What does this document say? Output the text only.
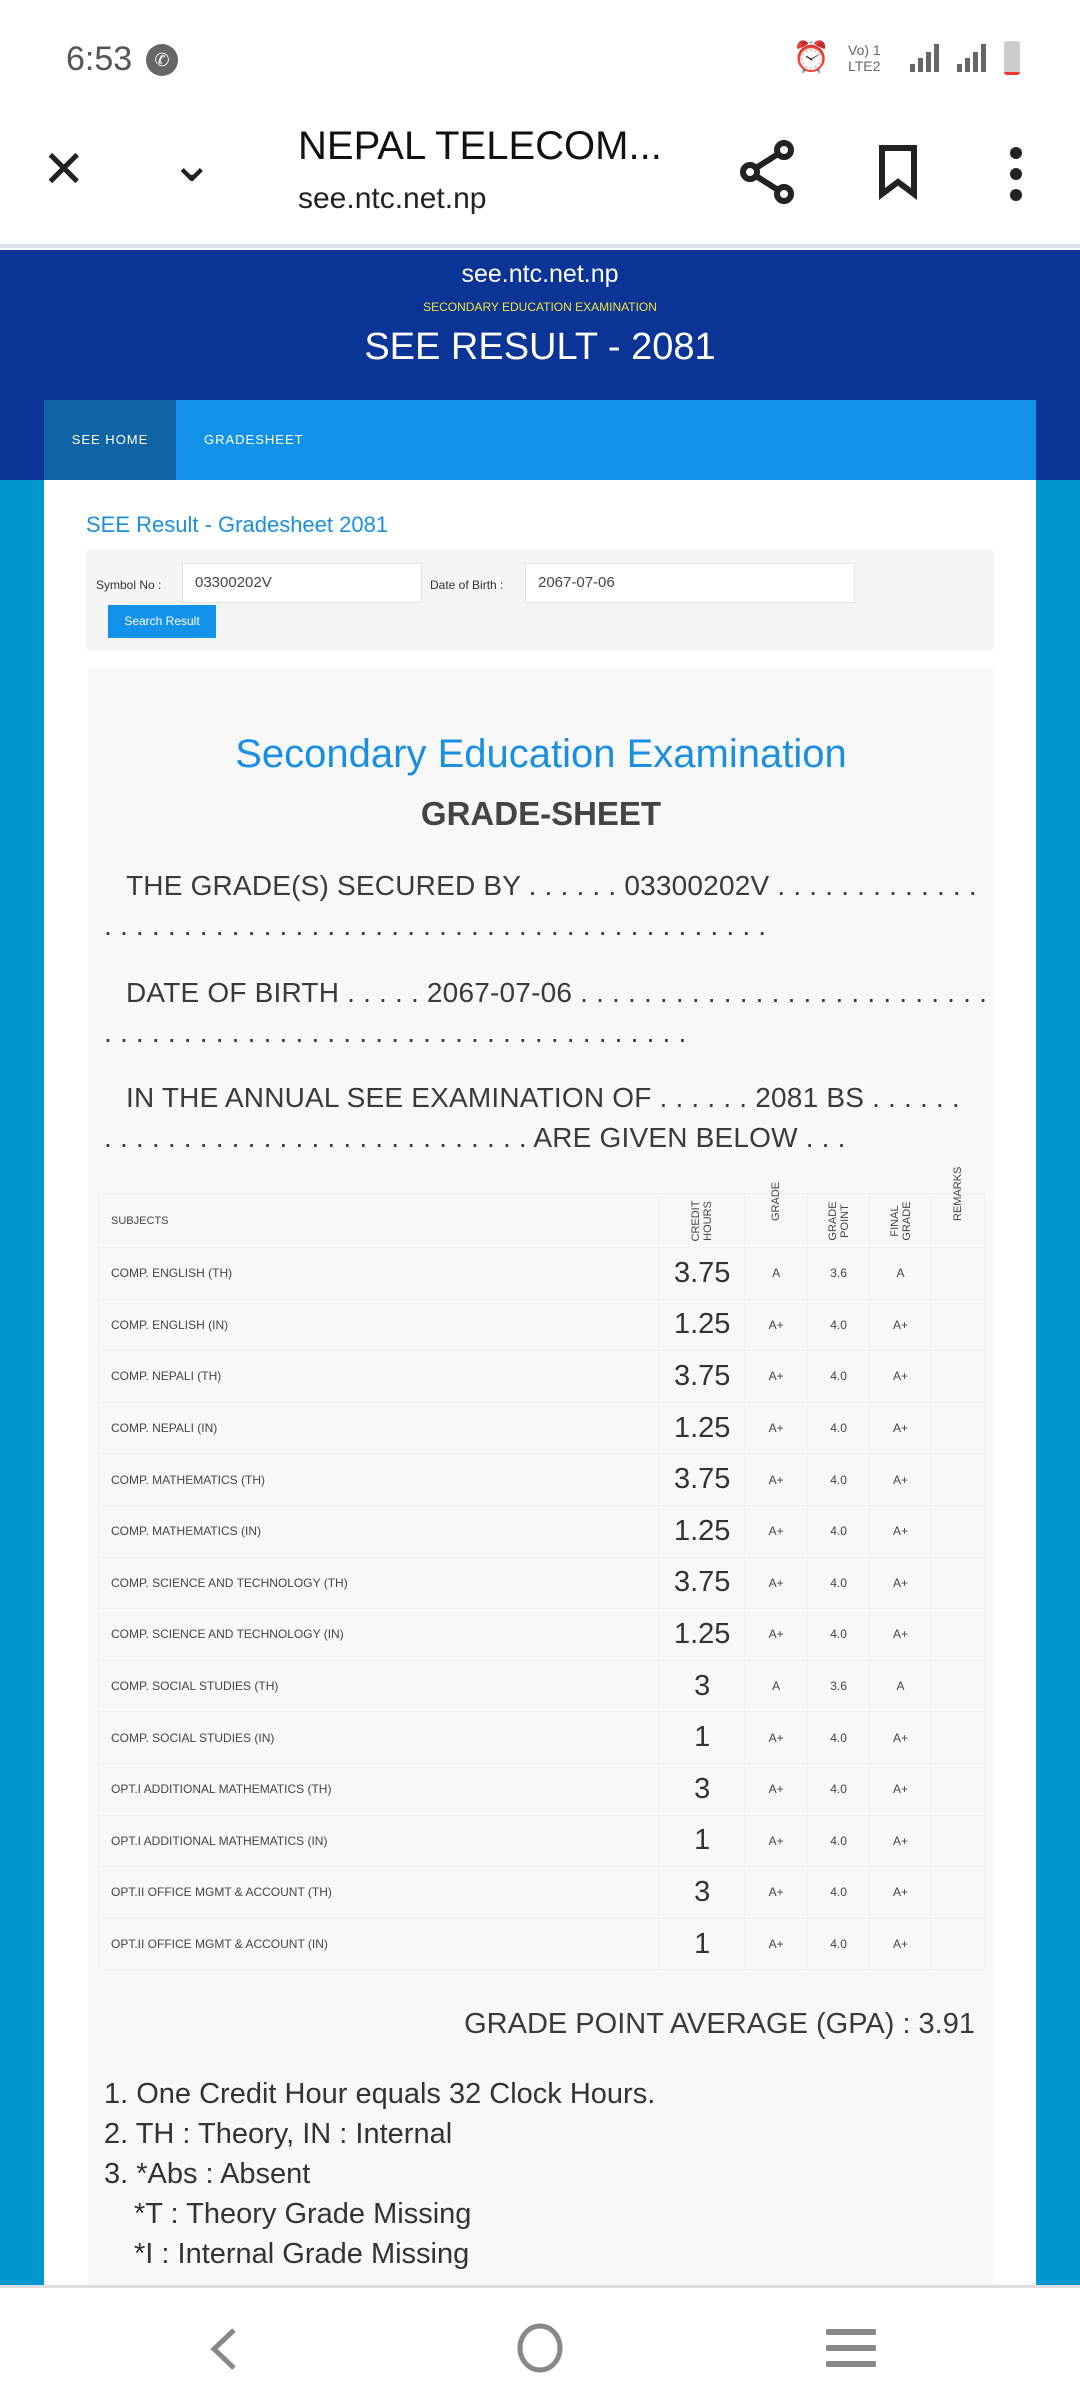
6:53	✆	⏰ Vo) 1 LTE2
✕ ⌄ NEPAL TELECOM...
see.ntc.net.np
see.ntc.net.np
SECONDARY EDUCATION EXAMINATION
SEE RESULT - 2081
SEE HOME	GRADESHEET
SEE Result - Gradesheet 2081
Symbol No :	03300202V	Date of Birth :	2067-07-06
Search Result
Secondary Education Examination
GRADE-SHEET
THE GRADE(S) SECURED BY . . . . . . 03300202V . . . . . . . . . . . . .
. . . . . . . . . . . . . . . . . . . . . . . . . . . . . . . . . . . . . . . . . .
DATE OF BIRTH . . . . . 2067-07-06 . . . . . . . . . . . . . . . . . . . . . . . . . .
. . . . . . . . . . . . . . . . . . . . . . . . . . . . . . . . . . . . .
IN THE ANNUAL SEE EXAMINATION OF . . . . . . 2081 BS . . . . . .
. . . . . . . . . . . . . . . . . . . . . . . . . . . ARE GIVEN BELOW . . .
SUBJECTS	CREDIT HOURS	GRADE	GRADE POINT	FINAL GRADE	REMARKS
COMP. ENGLISH (TH)	3.75	A	3.6	A	
COMP. ENGLISH (IN)	1.25	A+	4.0	A+	
COMP. NEPALI (TH)	3.75	A+	4.0	A+	
COMP. NEPALI (IN)	1.25	A+	4.0	A+	
COMP. MATHEMATICS (TH)	3.75	A+	4.0	A+	
COMP. MATHEMATICS (IN)	1.25	A+	4.0	A+	
COMP. SCIENCE AND TECHNOLOGY (TH)	3.75	A+	4.0	A+	
COMP. SCIENCE AND TECHNOLOGY (IN)	1.25	A+	4.0	A+	
COMP. SOCIAL STUDIES (TH)	3	A	3.6	A	
COMP. SOCIAL STUDIES (IN)	1	A+	4.0	A+	
OPT.I ADDITIONAL MATHEMATICS (TH)	3	A+	4.0	A+	
OPT.I ADDITIONAL MATHEMATICS (IN)	1	A+	4.0	A+	
OPT.II OFFICE MGMT & ACCOUNT (TH)	3	A+	4.0	A+	
OPT.II OFFICE MGMT & ACCOUNT (IN)	1	A+	4.0	A+	
GRADE POINT AVERAGE (GPA) : 3.91
1. One Credit Hour equals 32 Clock Hours.
2. TH : Theory, IN : Internal
3. *Abs : Absent
*T : Theory Grade Missing
*I : Internal Grade Missing
